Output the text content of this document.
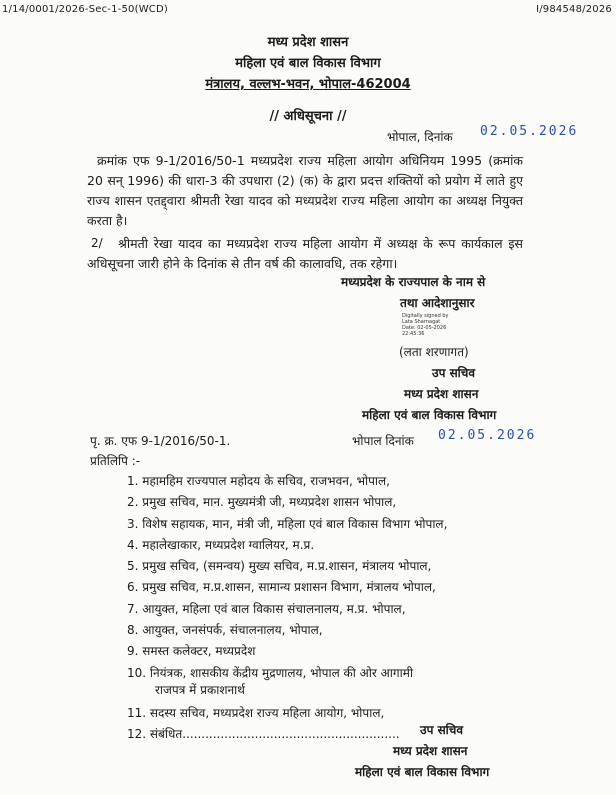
1/14/0001/2026-Sec-1-50(WCD)	I/984548/2026
मध्य प्रदेश शासन
महिला एवं बाल विकास विभाग
मंत्रालय, वल्लभ-भवन, भोपाल-462004
// अधिसूचना //
भोपाल, दिनांक 02.05.2026
क्रमांक एफ 9-1/2016/50-1 मध्यप्रदेश राज्य महिला आयोग अधिनियम 1995 (क्रमांक 20 सन् 1996) की धारा-3 की उपधारा (2) (क) के द्वारा प्रदत्त शक्तियों को प्रयोग में लाते हुए राज्य शासन एतद्द्वारा श्रीमती रेखा यादव को मध्यप्रदेश राज्य महिला आयोग का अध्यक्ष नियुक्त करता है।
2/	श्रीमती रेखा यादव का मध्यप्रदेश राज्य महिला आयोग में अध्यक्ष के रूप कार्यकाल इस अधिसूचना जारी होने के दिनांक से तीन वर्ष की कालावधि, तक रहेगा।
मध्यप्रदेश के राज्यपाल के नाम से
तथा आदेशानुसार
Digitally signed by
Lata Sharnagat
Date: 02-05-2026
22:45:36
(लता शरणागत)
उप सचिव
मध्य प्रदेश शासन
महिला एवं बाल विकास विभाग
पृ. क्र. एफ 9-1/2016/50-1.	भोपाल दिनांक 02.05.2026
प्रतिलिपि :-
1. महामहिम राज्यपाल महोदय के सचिव, राजभवन, भोपाल,
2. प्रमुख सचिव, मान. मुख्यमंत्री जी, मध्यप्रदेश शासन भोपाल,
3. विशेष सहायक, मान, मंत्री जी, महिला एवं बाल विकास विभाग भोपाल,
4. महालेखाकार, मध्यप्रदेश ग्वालियर, म.प्र.
5. प्रमुख सचिव, (समन्वय) मुख्य सचिव, म.प्र.शासन, मंत्रालय भोपाल,
6. प्रमुख सचिव, म.प्र.शासन, सामान्य प्रशासन विभाग, मंत्रालय भोपाल,
7. आयुक्त, महिला एवं बाल विकास संचालनालय, म.प्र. भोपाल,
8. आयुक्त, जनसंपर्क, संचालनालय, भोपाल,
9. समस्त कलेक्टर, मध्यप्रदेश
10. नियंत्रक, शासकीय केंद्रीय मुद्रणालय, भोपाल की ओर आगामी
राजपत्र में प्रकाशनार्थ
11. सदस्य सचिव, मध्यप्रदेश राज्य महिला आयोग, भोपाल,
12. संबंधित.........................................................	उप सचिव
मध्य प्रदेश शासन
महिला एवं बाल विकास विभाग
